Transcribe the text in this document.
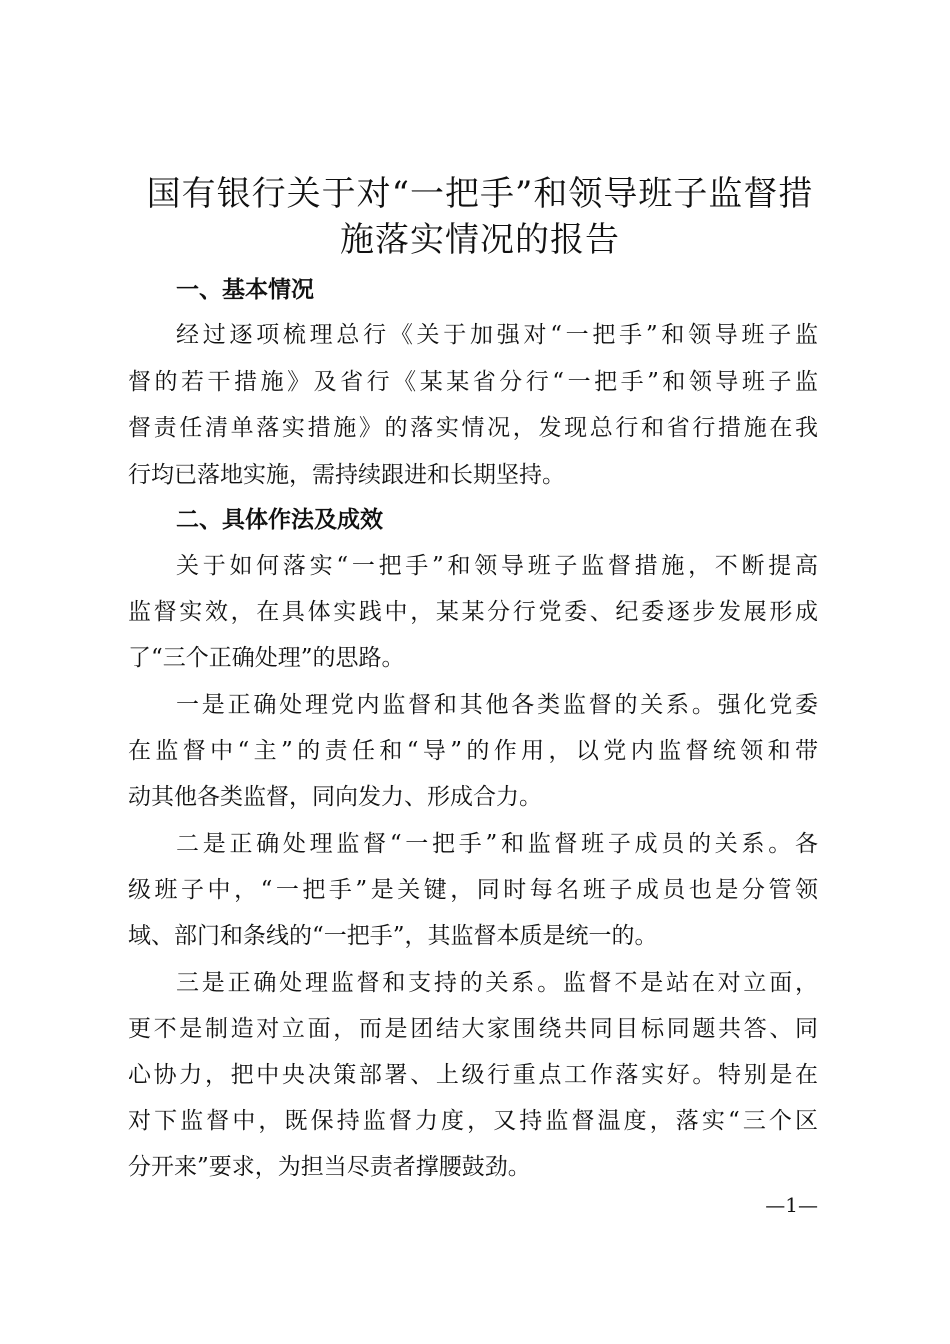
国有银行关于对“一把手”和领导班子监督措
施落实情况的报告
一、基本情况
经过逐项梳理总行《关于加强对“一把手”和领导班子监
督的若干措施》及省行《某某省分行“一把手”和领导班子监
督责任清单落实措施》的落实情况，发现总行和省行措施在我
行均已落地实施，需持续跟进和长期坚持。
二、具体作法及成效
关于如何落实“一把手”和领导班子监督措施，不断提高
监督实效，在具体实践中，某某分行党委、纪委逐步发展形成
了“三个正确处理”的思路。
一是正确处理党内监督和其他各类监督的关系。强化党委
在监督中“主”的责任和“导”的作用，以党内监督统领和带
动其他各类监督，同向发力、形成合力。
二是正确处理监督“一把手”和监督班子成员的关系。各
级班子中，“一把手”是关键，同时每名班子成员也是分管领
域、部门和条线的“一把手”，其监督本质是统一的。
三是正确处理监督和支持的关系。监督不是站在对立面，
更不是制造对立面，而是团结大家围绕共同目标同题共答、同
心协力，把中央决策部署、上级行重点工作落实好。特别是在
对下监督中，既保持监督力度，又持监督温度，落实“三个区
分开来”要求，为担当尽责者撑腰鼓劲。
—1—
